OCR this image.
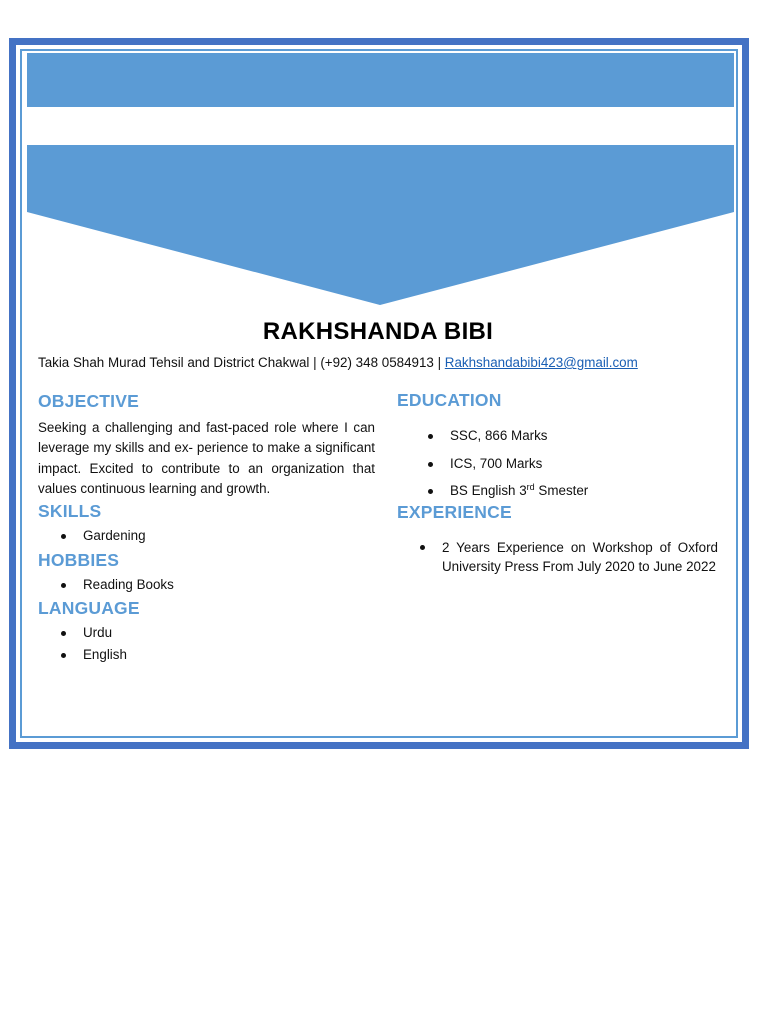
RAKHSHANDA BIBI
Takia Shah Murad Tehsil and District Chakwal | (+92) 348 0584913 | Rakhshandabibi423@gmail.com
OBJECTIVE
Seeking a challenging and fast-paced role where I can leverage my skills and ex- perience to make a significant impact. Excited to contribute to an organization that values continuous learning and growth.
SKILLS
Gardening
HOBBIES
Reading Books
LANGUAGE
Urdu
English
EDUCATION
SSC, 866 Marks
ICS, 700 Marks
BS English 3rd Smester
EXPERIENCE
2 Years Experience on Workshop of Oxford University Press From July 2020 to June 2022
